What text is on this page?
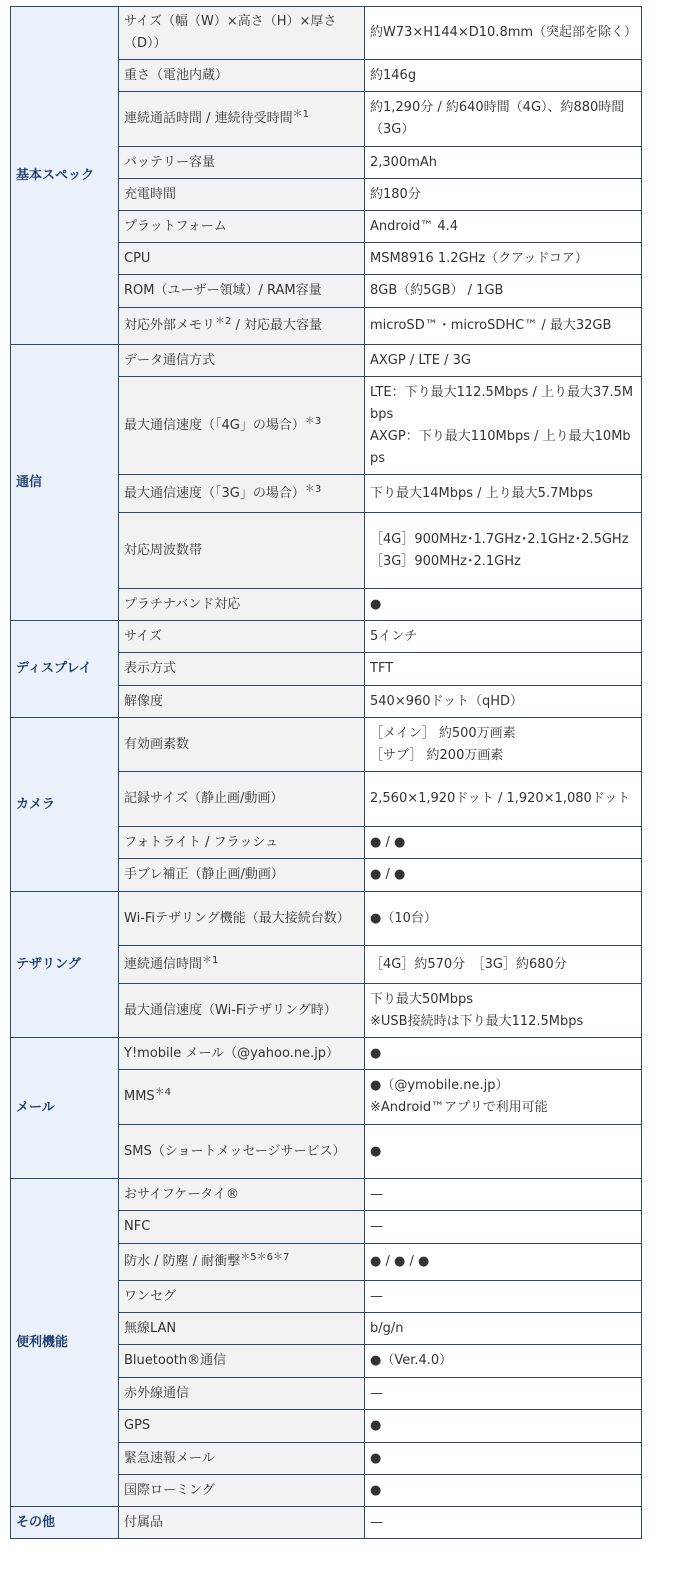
基本スペック	サイズ（幅（W）×高さ（H）×厚さ（D））	約W73×H144×D10.8mm（突起部を除く）

	重さ（電池内蔵）	約146g

	連続通話時間 / 連続待受時間$^{*1}$	約1,290分 / 約640時間（4G）、約880時間（3G）

	バッテリー容量	2,300mAh

	充電時間	約180分

	プラットフォーム	Android™ 4.4

	CPU	MSM8916 1.2GHz（クアッドコア）

	ROM（ユーザー領域）/ RAM容量	8GB（約5GB） / 1GB

	対応外部メモリ$^{*2}$ / 対応最大容量	microSD™・microSDHC™ / 最大32GB

通信	データ通信方式	AXGP / LTE / 3G

	最大通信速度（「4G」の場合）$^{*3}$	LTE：下り最大112.5Mbps / 上り最大37.5Mbps
AXGP：下り最大110Mbps / 上り最大10Mbps

	最大通信速度（「3G」の場合）$^{*3}$	下り最大14Mbps / 上り最大5.7Mbps

	対応周波数帯	［4G］900MHz･1.7GHz･2.1GHz･2.5GHz
［3G］900MHz･2.1GHz

	プラチナバンド対応	●

ディスプレイ	サイズ	5インチ

	表示方式	TFT

	解像度	540×960ドット（qHD）

カメラ	有効画素数	［メイン］ 約500万画素
［サブ］ 約200万画素

	記録サイズ（静止画/動画）	2,560×1,920ドット / 1,920×1,080ドット

	フォトライト / フラッシュ	● / ●

	手ブレ補正（静止画/動画）	● / ●

テザリング	Wi-Fiテザリング機能（最大接続台数）	●（10台）

	連続通信時間$^{*1}$	［4G］約570分　［3G］約680分

	最大通信速度（Wi-Fiテザリング時）	下り最大50Mbps
※USB接続時は下り最大112.5Mbps

メール	Y!mobile メール（@yahoo.ne.jp）	●

	$MMS^{*4}$	●（@ymobile.ne.jp）
※Android™アプリで利用可能

	SMS（ショートメッセージサービス）	●

便利機能	おサイフケータイ®	—

	NFC	—

	防水 / 防塵 / 耐衝撃$^{*5*6*7}$	● / ● / ●

	ワンセグ	—

	無線LAN	b/g/n

	Bluetooth®通信	●（Ver.4.0）

	赤外線通信	—

	GPS	●

	緊急速報メール	●

	国際ローミング	●

その他	付属品	—
